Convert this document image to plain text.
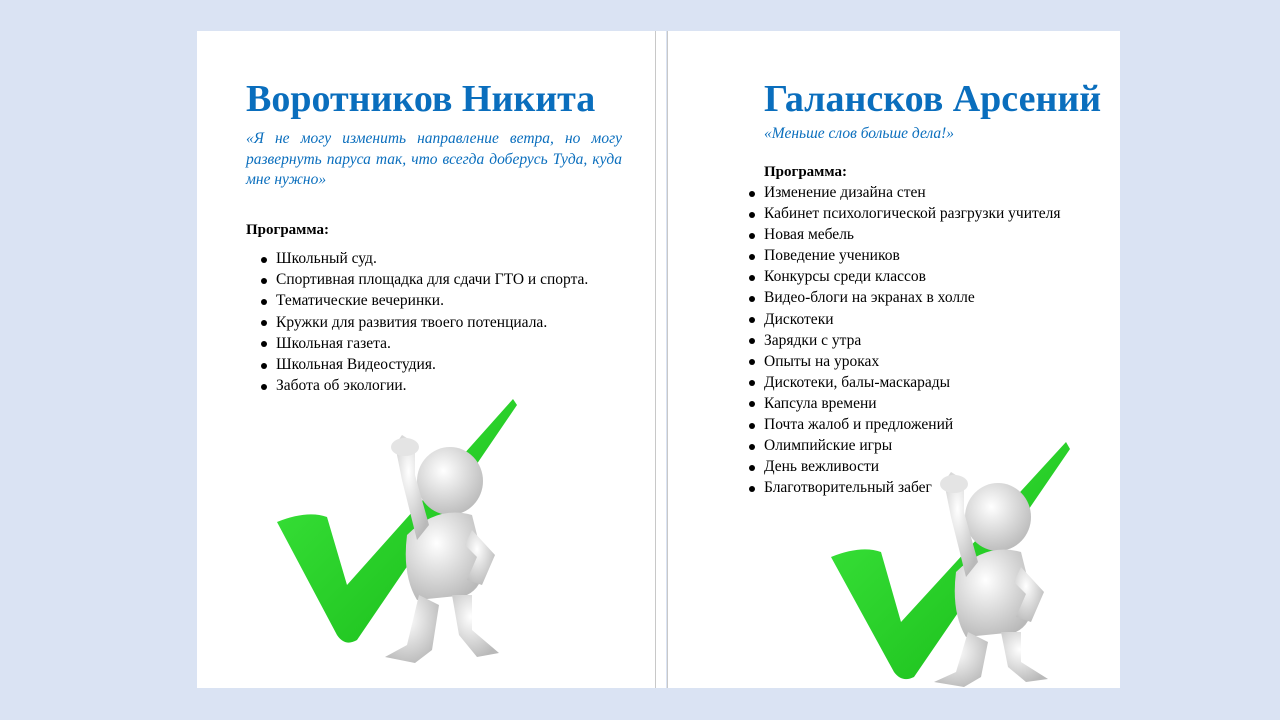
Воротников Никита

«Я не могу изменить направление ветра, но могу развернуть паруса так, что всегда доберусь Туда, куда мне нужно»

Программа:

Школьный суд.
Спортивная площадка для сдачи ГТО и спорта.
Тематические вечеринки.
Кружки для развития твоего потенциала.
Школьная газета.
Школьная Видеостудия.
Забота об экологии.
Галансков Арсений

«Меньше слов больше дела!»

Программа:

Изменение дизайна стен
Кабинет психологической разгрузки учителя
Новая мебель
Поведение учеников
Конкурсы среди классов
Видео-блоги на экранах в холле
Дискотеки
Зарядки с утра
Опыты на уроках
Дискотеки, балы-маскарады
Капсула времени
Почта жалоб и предложений
Олимпийские игры
День вежливости
Благотворительный забег
